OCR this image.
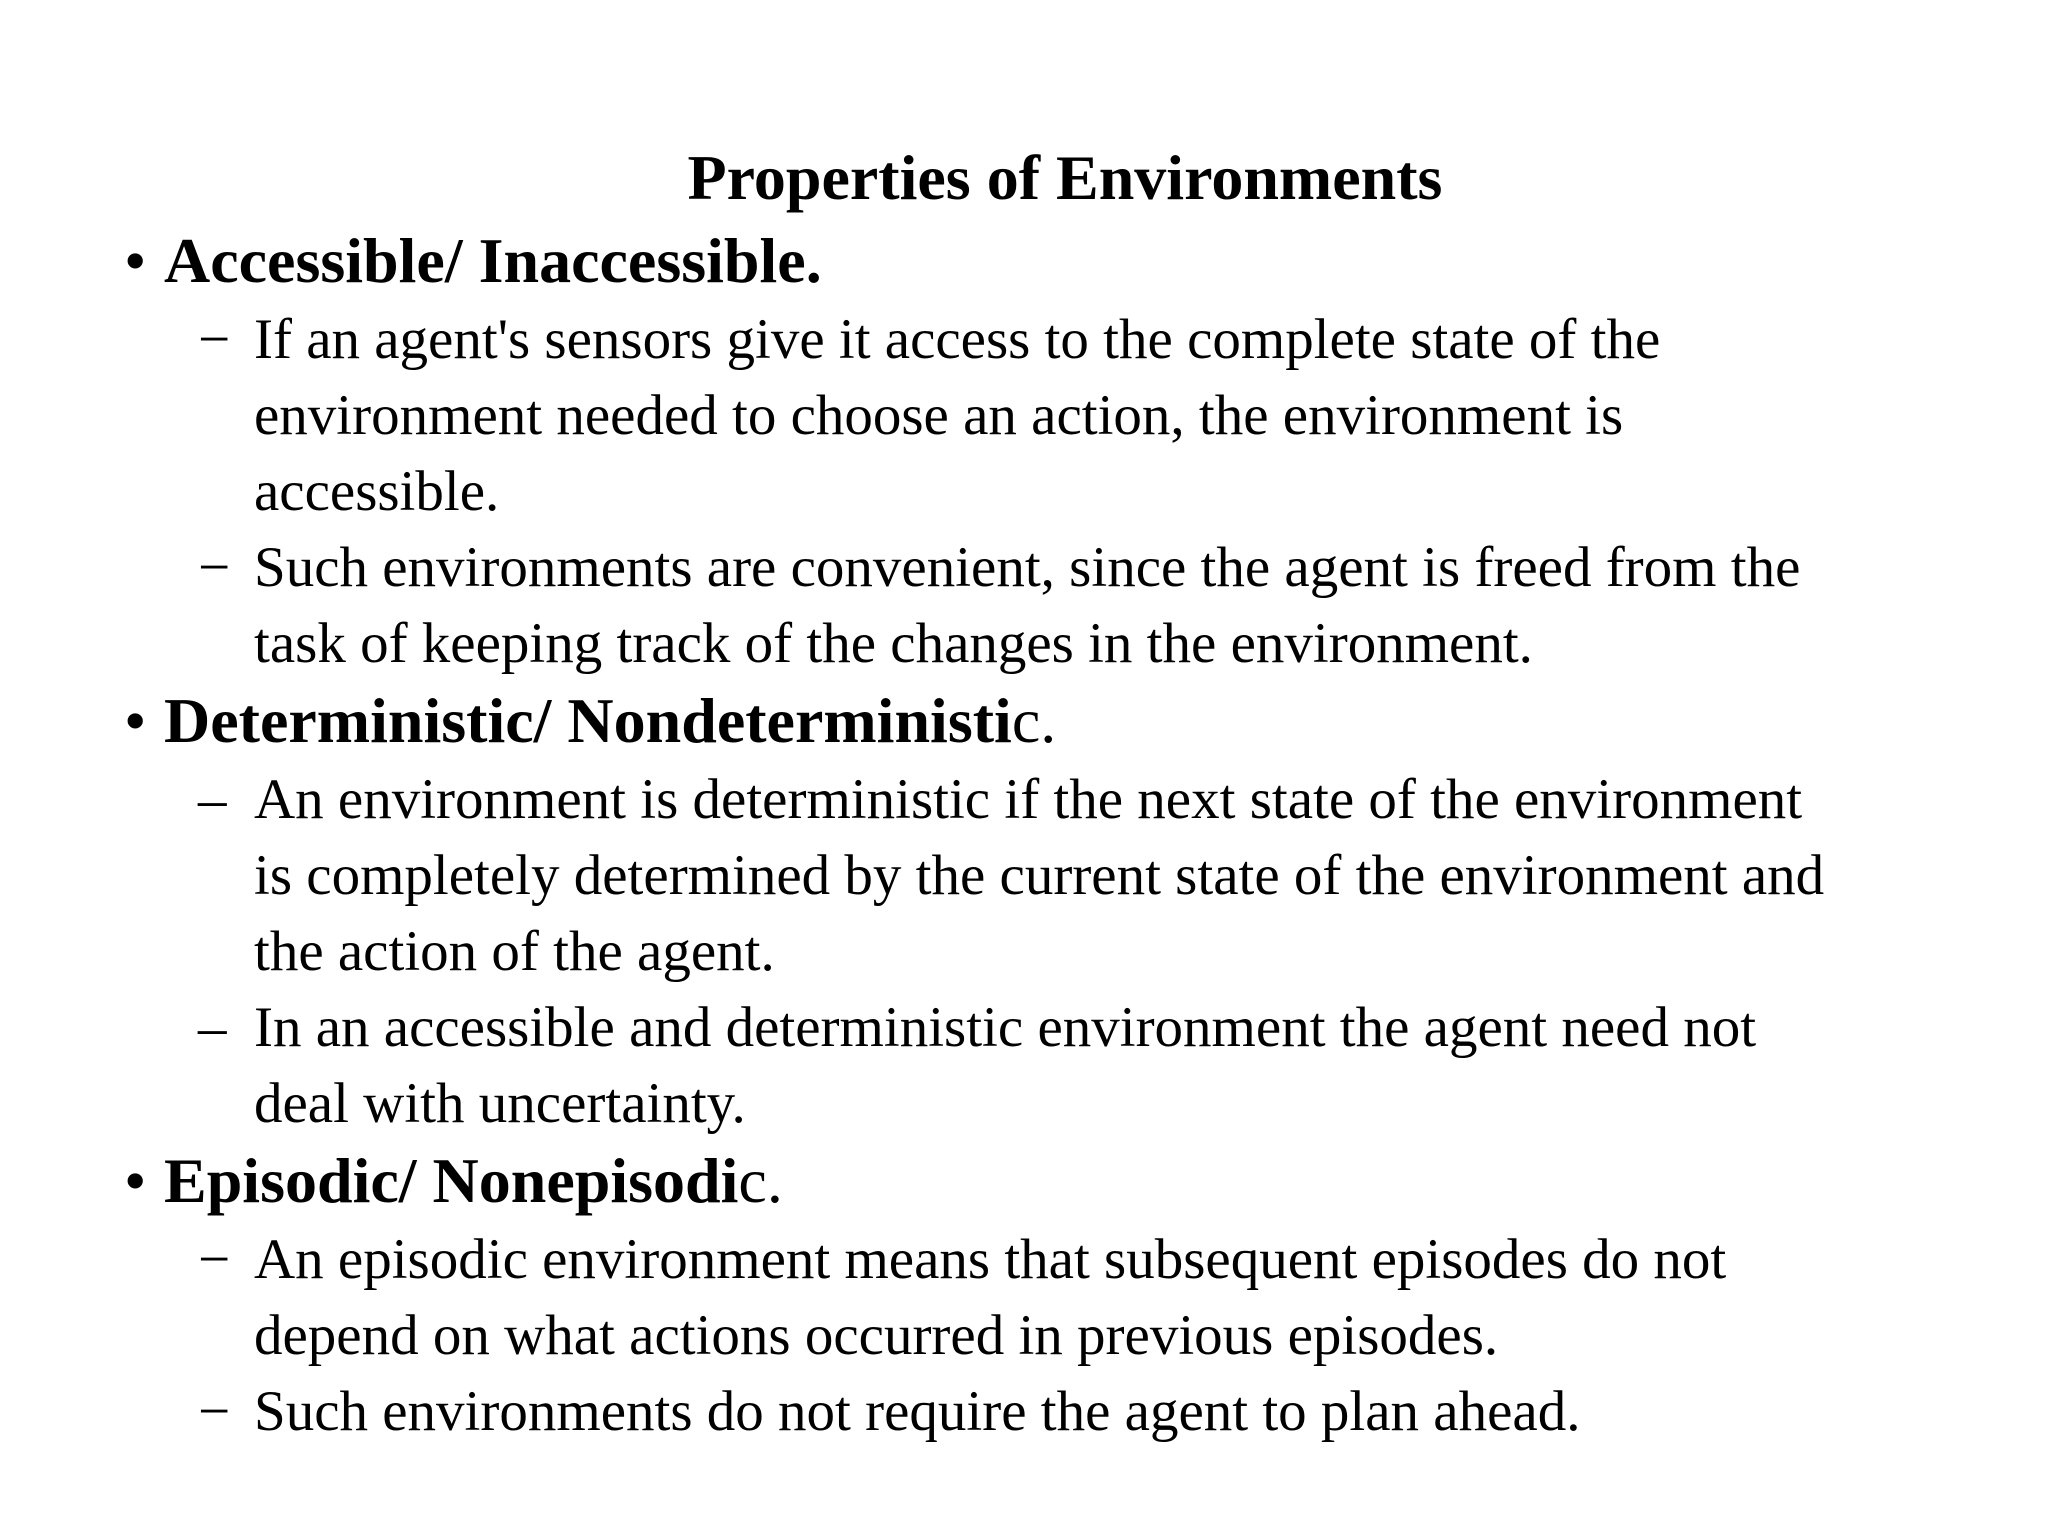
Properties of Environments
• Accessible/ Inaccessible.
− If an agent's sensors give it access to the complete state of the
environment needed to choose an action, the environment is
accessible.
− Such environments are convenient, since the agent is freed from the
task of keeping track of the changes in the environment.
• Deterministic/ Nondeterministic.
– An environment is deterministic if the next state of the environment
is completely determined by the current state of the environment and
the action of the agent.
– In an accessible and deterministic environment the agent need not
deal with uncertainty.
• Episodic/ Nonepisodic.
− An episodic environment means that subsequent episodes do not
depend on what actions occurred in previous episodes.
− Such environments do not require the agent to plan ahead.
